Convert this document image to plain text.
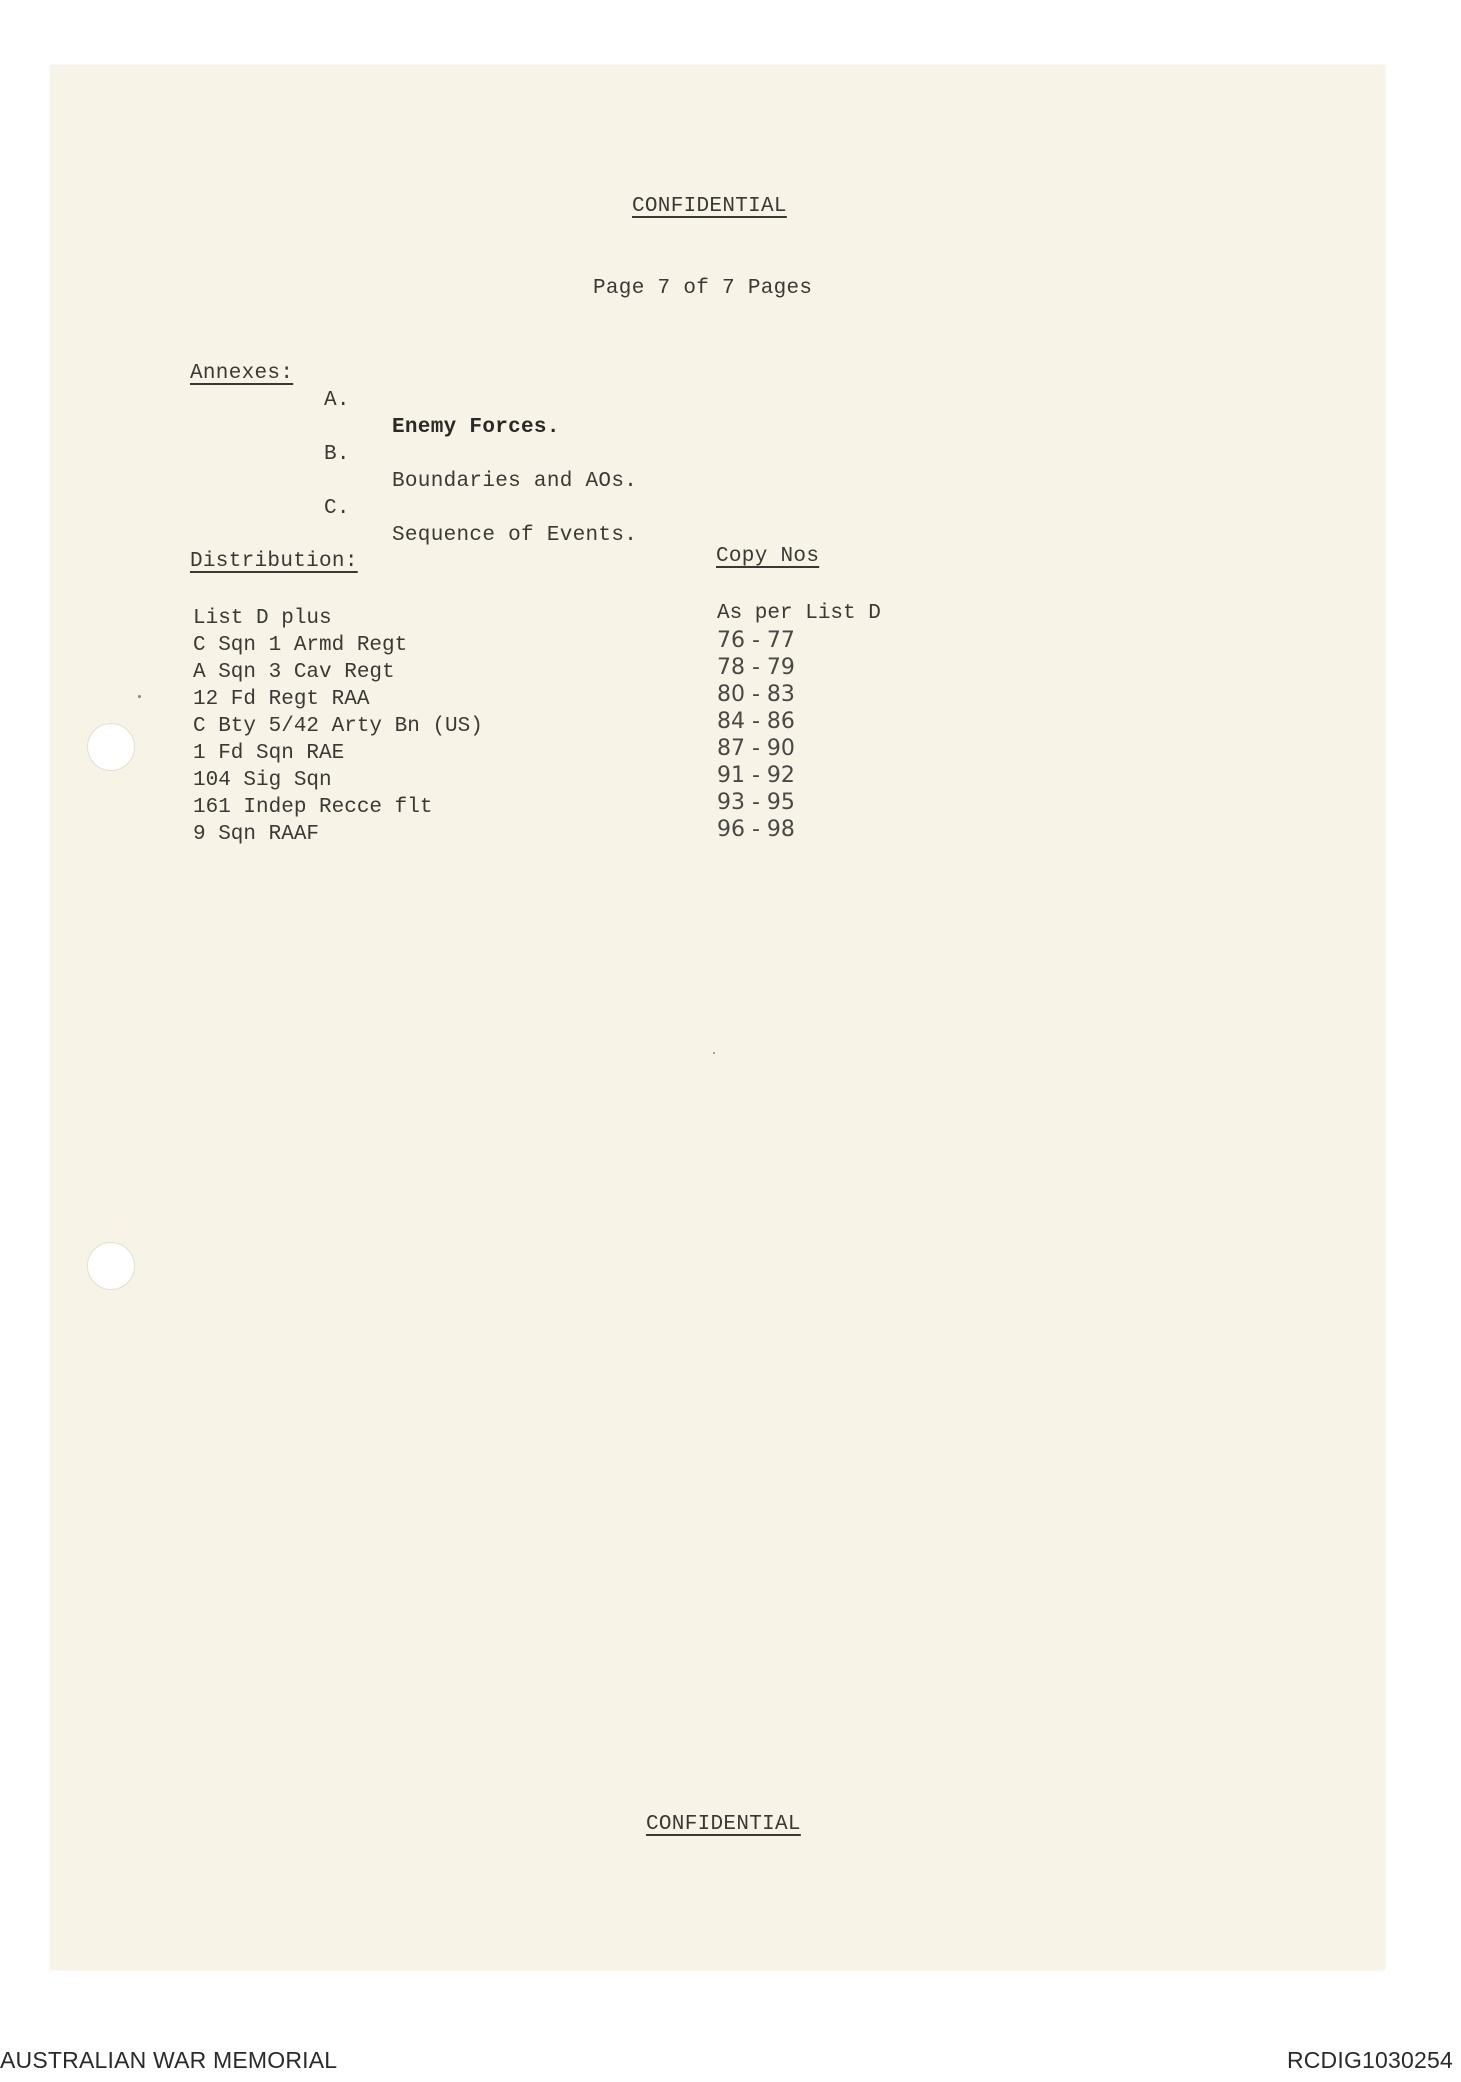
CONFIDENTIAL
Page 7 of 7 Pages
Annexes:

A.

Enemy Forces.

B.

Boundaries and AOs.

C.

Sequence of Events.

Distribution:	Copy Nos
List D plus
C Sqn 1 Armd Regt
A Sqn 3 Cav Regt
12 Fd Regt RAA
C Bty 5/42 Arty Bn (US)
1 Fd Sqn RAE
104 Sig Sqn
161 Indep Recce flt
9 Sqn RAAF
As per List D
76 - 77
78 - 79
80 - 83
84 - 86
87 - 90
91 - 92
93 - 95
96 - 98
CONFIDENTIAL
AUSTRALIAN WAR MEMORIAL	RCDIG1030254
